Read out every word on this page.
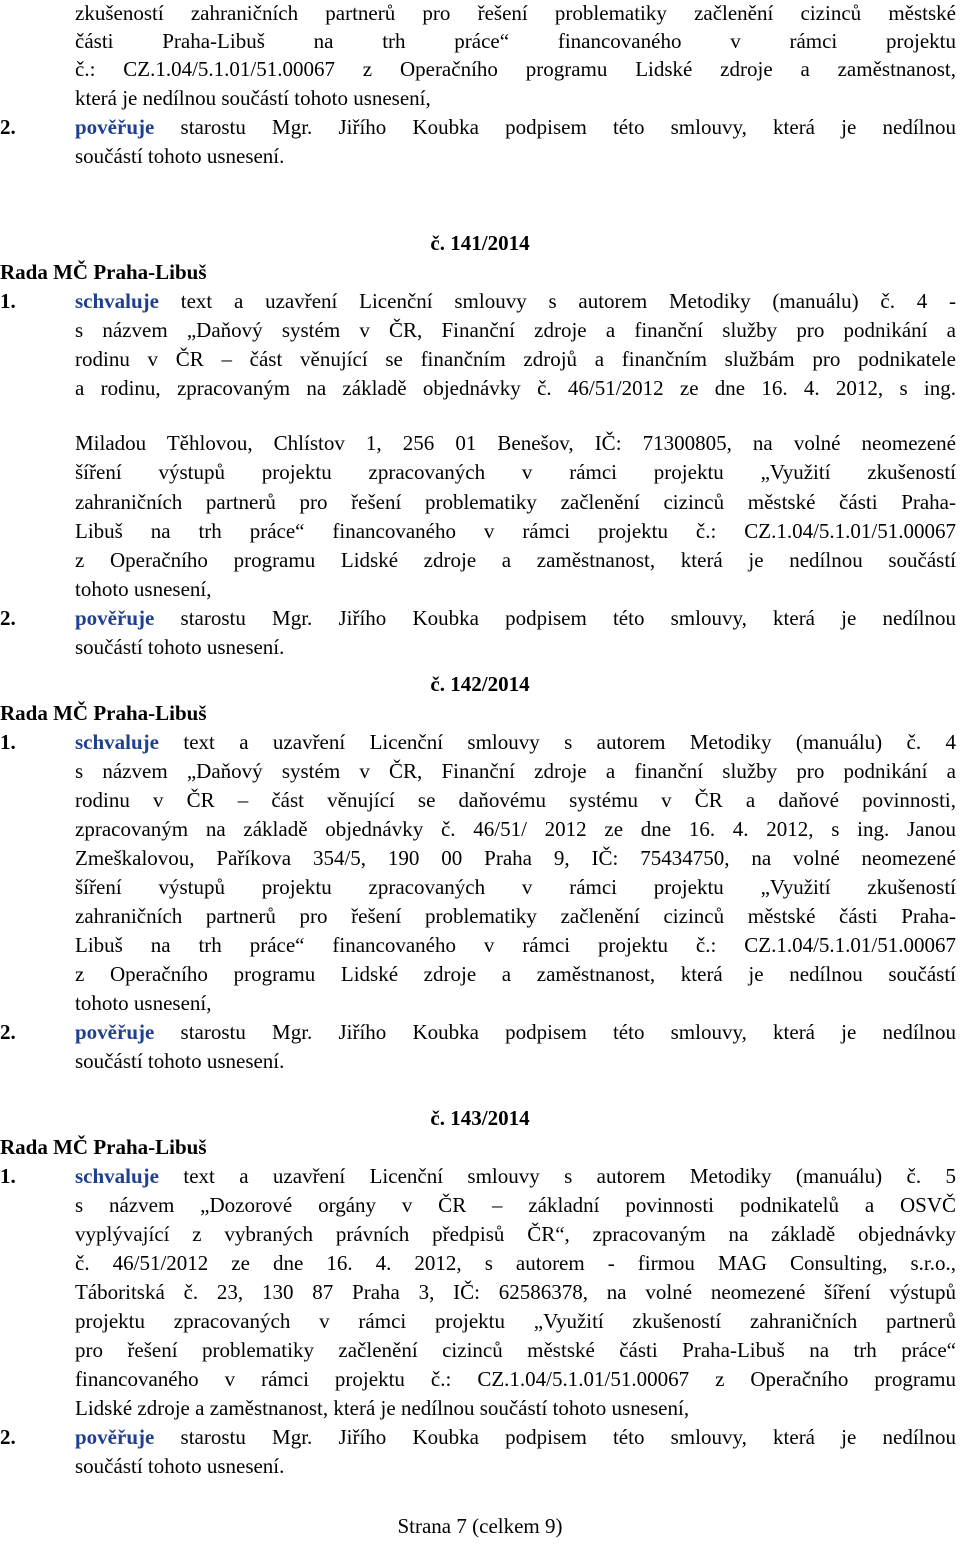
zkušeností zahraničních partnerů pro řešení problematiky začlenění cizinců městské
části Praha-Libuš na trh práce“ financovaného v rámci projektu
č.: CZ.1.04/5.1.01/51.00067 z Operačního programu Lidské zdroje a zaměstnanost,
která je nedílnou součástí tohoto usnesení,
2.	pověřuje starostu Mgr. Jiřího Koubka podpisem této smlouvy, která je nedílnou
součástí tohoto usnesení.
č. 141/2014
Rada MČ Praha-Libuš
1.	schvaluje text a uzavření Licenční smlouvy s autorem Metodiky (manuálu) č. 4 -
s názvem „Daňový systém v ČR, Finanční zdroje a finanční služby pro podnikání a
rodinu v ČR – část věnující se finančním zdrojů a finančním službám pro podnikatele
a rodinu, zpracovaným na základě objednávky č. 46/51/2012 ze dne 16. 4. 2012, s ing.
Miladou Těhlovou, Chlístov 1, 256 01 Benešov, IČ: 71300805, na volné neomezené
šíření výstupů projektu zpracovaných v rámci projektu „Využití zkušeností
zahraničních partnerů pro řešení problematiky začlenění cizinců městské části Praha-
Libuš na trh práce“ financovaného v rámci projektu č.: CZ.1.04/5.1.01/51.00067
z Operačního programu Lidské zdroje a zaměstnanost, která je nedílnou součástí
tohoto usnesení,
2.	pověřuje starostu Mgr. Jiřího Koubka podpisem této smlouvy, která je nedílnou
součástí tohoto usnesení.
č. 142/2014
Rada MČ Praha-Libuš
1.	schvaluje text a uzavření Licenční smlouvy s autorem Metodiky (manuálu) č. 4
s názvem „Daňový systém v ČR, Finanční zdroje a finanční služby pro podnikání a
rodinu v ČR – část věnující se daňovému systému v ČR a daňové povinnosti,
zpracovaným na základě objednávky č. 46/51/ 2012 ze dne 16. 4. 2012, s ing. Janou
Zmeškalovou, Paříkova 354/5, 190 00 Praha 9, IČ: 75434750, na volné neomezené
šíření výstupů projektu zpracovaných v rámci projektu „Využití zkušeností
zahraničních partnerů pro řešení problematiky začlenění cizinců městské části Praha-
Libuš na trh práce“ financovaného v rámci projektu č.: CZ.1.04/5.1.01/51.00067
z Operačního programu Lidské zdroje a zaměstnanost, která je nedílnou součástí
tohoto usnesení,
2.	pověřuje starostu Mgr. Jiřího Koubka podpisem této smlouvy, která je nedílnou
součástí tohoto usnesení.
č. 143/2014
Rada MČ Praha-Libuš
1.	schvaluje text a uzavření Licenční smlouvy s autorem Metodiky (manuálu) č. 5
s názvem „Dozorové orgány v ČR – základní povinnosti podnikatelů a OSVČ
vyplývající z vybraných právních předpisů ČR“, zpracovaným na základě objednávky
č. 46/51/2012 ze dne 16. 4. 2012, s autorem - firmou MAG Consulting, s.r.o.,
Táboritská č. 23, 130 87 Praha 3, IČ: 62586378, na volné neomezené šíření výstupů
projektu zpracovaných v rámci projektu „Využití zkušeností zahraničních partnerů
pro řešení problematiky začlenění cizinců městské části Praha-Libuš na trh práce“
financovaného v rámci projektu č.: CZ.1.04/5.1.01/51.00067 z Operačního programu
Lidské zdroje a zaměstnanost, která je nedílnou součástí tohoto usnesení,
2.	pověřuje starostu Mgr. Jiřího Koubka podpisem této smlouvy, která je nedílnou
součástí tohoto usnesení.
Strana 7 (celkem 9)
